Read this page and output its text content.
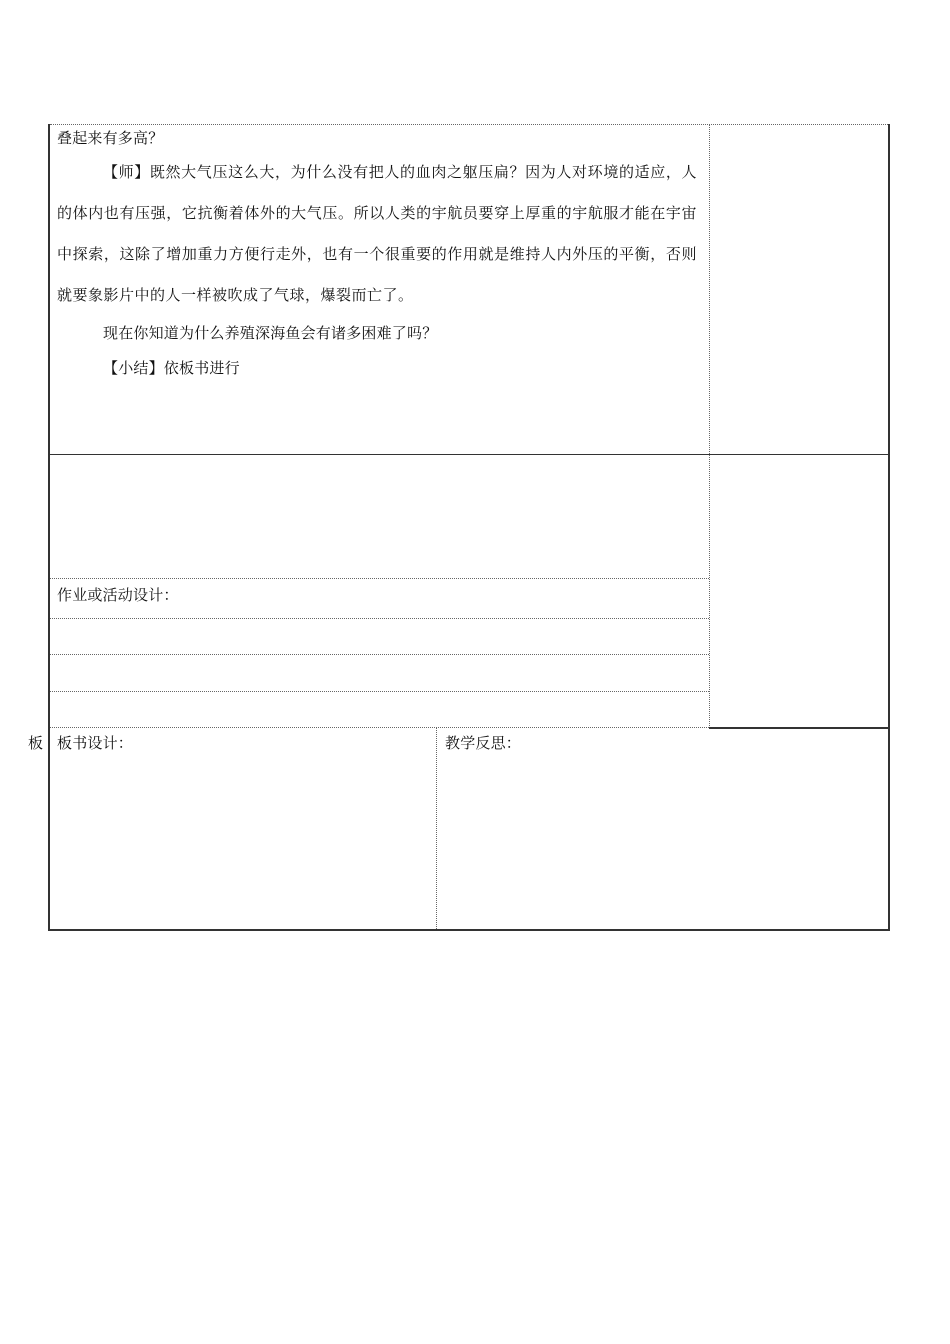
叠起来有多高？
【师】既然大气压这么大，为什么没有把人的血肉之躯压扁？因为人对环境的适应，人的体内也有压强，它抗衡着体外的大气压。所以人类的宇航员要穿上厚重的宇航服才能在宇宙中探索，这除了增加重力方便行走外，也有一个很重要的作用就是维持人内外压的平衡，否则就要象影片中的人一样被吹成了气球，爆裂而亡了。
现在你知道为什么养殖深海鱼会有诸多困难了吗？
【小结】依板书进行
作业或活动设计：
板 板书设计：	教学反思：
